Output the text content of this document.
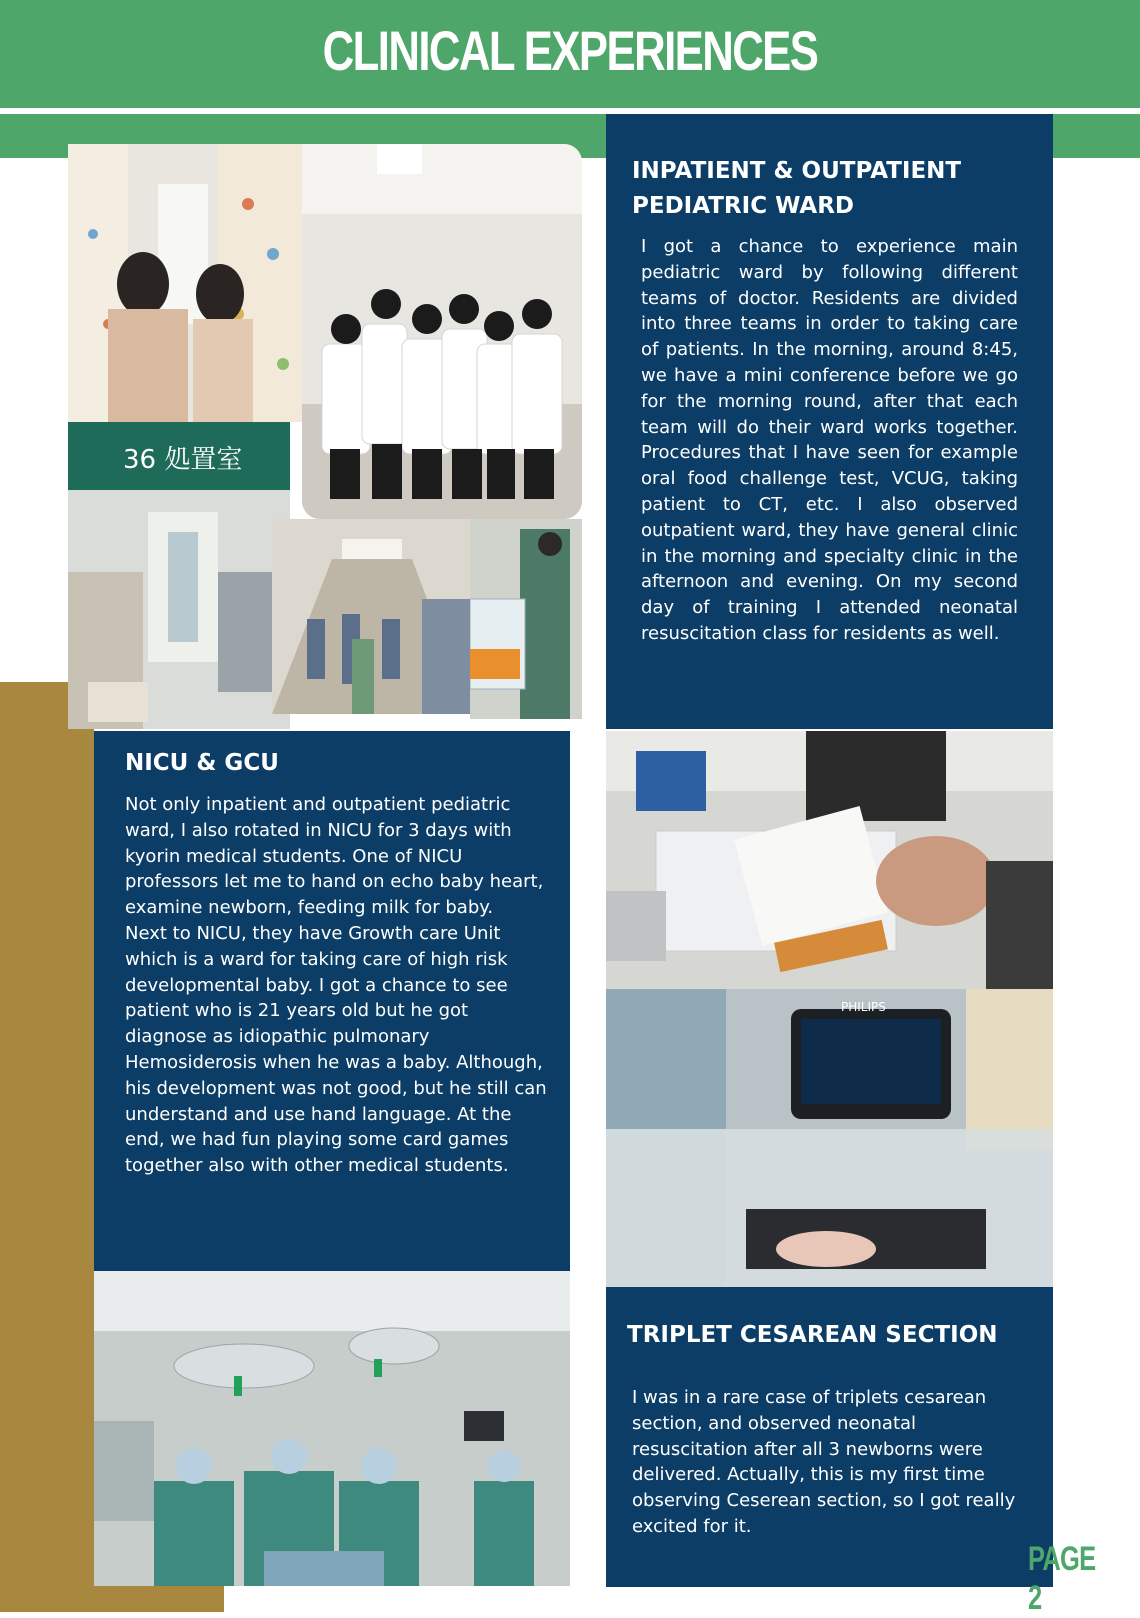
CLINICAL EXPERIENCES
36 処置室
INPATIENT & OUTPATIENT
PEDIATRIC WARD

I got a chance to experience main pediatric ward by following different teams of doctor. Residents are divided into three teams in order to taking care of patients. In the morning, around 8:45, we have a mini conference before we go for the morning round, after that each team will do their ward works together. Procedures that I have seen for example oral food challenge test, VCUG, taking patient to CT, etc. I also observed outpatient ward, they have general clinic in the morning and specialty clinic in the afternoon and evening. On my second day of training I attended neonatal resuscitation class for residents as well.

PHILIPS
NICU & GCU

Not only inpatient and outpatient pediatric ward, I also rotated in NICU for 3 days with kyorin medical students. One of NICU professors let me to hand on echo baby heart, examine newborn, feeding milk for baby.

Next to NICU, they have Growth care Unit which is a ward for taking care of high risk developmental baby. I got a chance to see patient who is 21 years old but he got diagnose as idiopathic pulmonary Hemosiderosis when he was a baby. Although, his development was not good, but he still can understand and use hand language. At the end, we had fun playing some card games together also with other medical students.

TRIPLET CESAREAN SECTION

I was in a rare case of triplets cesarean section, and observed neonatal resuscitation after all 3 newborns were delivered. Actually, this is my first time observing Ceserean section, so I got really excited for it.

PAGE 2
